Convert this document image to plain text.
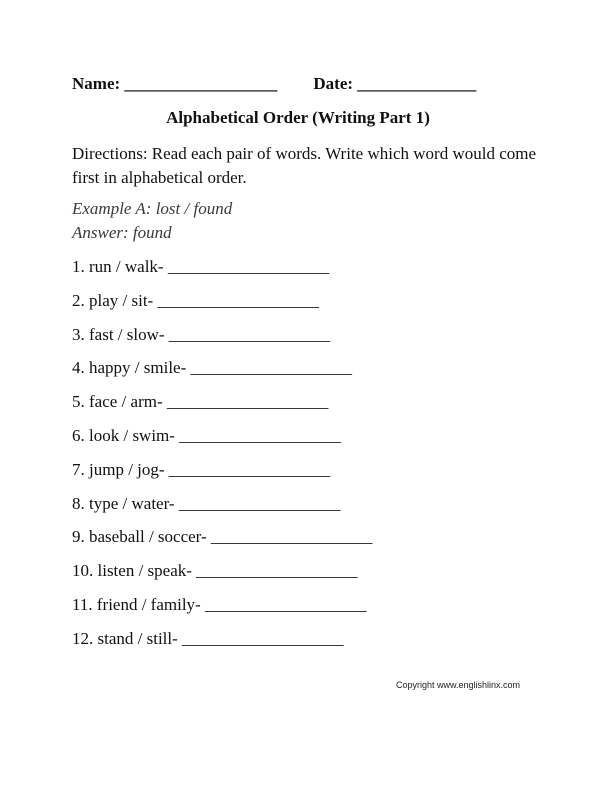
Name: __________________ Date: ______________
Alphabetical Order (Writing Part 1)
Directions: Read each pair of words. Write which word would come first in alphabetical order.
Example A: lost / found
Answer: found
1. run / walk- ___________________
2. play / sit- ___________________
3. fast / slow- ___________________
4. happy / smile- ___________________
5. face / arm- ___________________
6. look / swim- ___________________
7. jump / jog- ___________________
8. type / water- ___________________
9. baseball / soccer- ___________________
10. listen / speak- ___________________
11. friend / family- ___________________
12. stand / still- ___________________
Copyright www.englishlinx.com
